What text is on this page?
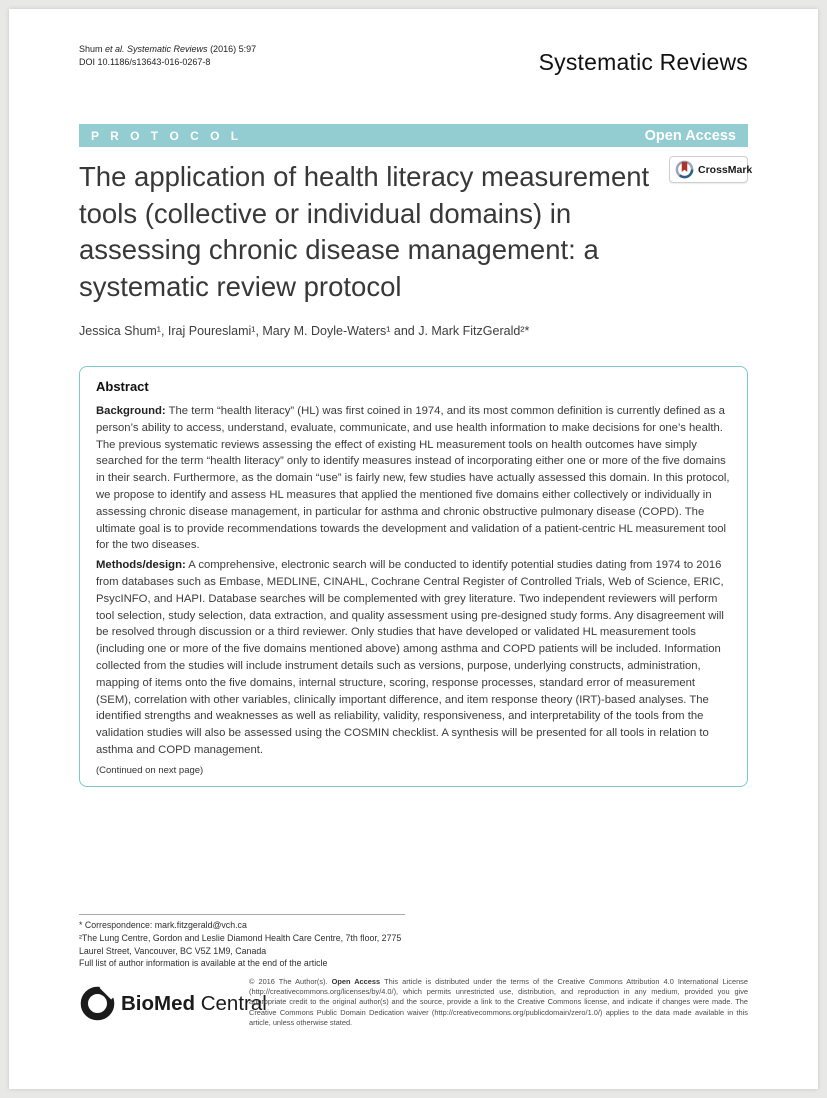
Shum et al. Systematic Reviews (2016) 5:97
DOI 10.1186/s13643-016-0267-8	Systematic Reviews
P R O T O C O L	Open Access
The application of health literacy measurement tools (collective or individual domains) in assessing chronic disease management: a systematic review protocol
CrossMark
Jessica Shum¹, Iraj Poureslami¹, Mary M. Doyle-Waters¹ and J. Mark FitzGerald²*
Abstract

Background: The term “health literacy” (HL) was first coined in 1974, and its most common definition is currently defined as a person’s ability to access, understand, evaluate, communicate, and use health information to make decisions for one’s health. The previous systematic reviews assessing the effect of existing HL measurement tools on health outcomes have simply searched for the term “health literacy” only to identify measures instead of incorporating either one or more of the five domains in their search. Furthermore, as the domain “use” is fairly new, few studies have actually assessed this domain. In this protocol, we propose to identify and assess HL measures that applied the mentioned five domains either collectively or individually in assessing chronic disease management, in particular for asthma and chronic obstructive pulmonary disease (COPD). The ultimate goal is to provide recommendations towards the development and validation of a patient-centric HL measurement tool for the two diseases.

Methods/design: A comprehensive, electronic search will be conducted to identify potential studies dating from 1974 to 2016 from databases such as Embase, MEDLINE, CINAHL, Cochrane Central Register of Controlled Trials, Web of Science, ERIC, PsycINFO, and HAPI. Database searches will be complemented with grey literature. Two independent reviewers will perform tool selection, study selection, data extraction, and quality assessment using pre-designed study forms. Any disagreement will be resolved through discussion or a third reviewer. Only studies that have developed or validated HL measurement tools (including one or more of the five domains mentioned above) among asthma and COPD patients will be included. Information collected from the studies will include instrument details such as versions, purpose, underlying constructs, administration, mapping of items onto the five domains, internal structure, scoring, response processes, standard error of measurement (SEM), correlation with other variables, clinically important difference, and item response theory (IRT)-based analyses. The identified strengths and weaknesses as well as reliability, validity, responsiveness, and interpretability of the tools from the validation studies will also be assessed using the COSMIN checklist. A synthesis will be presented for all tools in relation to asthma and COPD management.

(Continued on next page)

* Correspondence: mark.fitzgerald@vch.ca

²The Lung Centre, Gordon and Leslie Diamond Health Care Centre, 7th floor, 2775 Laurel Street, Vancouver, BC V5Z 1M9, Canada

Full list of author information is available at the end of the article

BioMed Central

© 2016 The Author(s). Open Access This article is distributed under the terms of the Creative Commons Attribution 4.0 International License (http://creativecommons.org/licenses/by/4.0/), which permits unrestricted use, distribution, and reproduction in any medium, provided you give appropriate credit to the original author(s) and the source, provide a link to the Creative Commons license, and indicate if changes were made. The Creative Commons Public Domain Dedication waiver (http://creativecommons.org/publicdomain/zero/1.0/) applies to the data made available in this article, unless otherwise stated.
